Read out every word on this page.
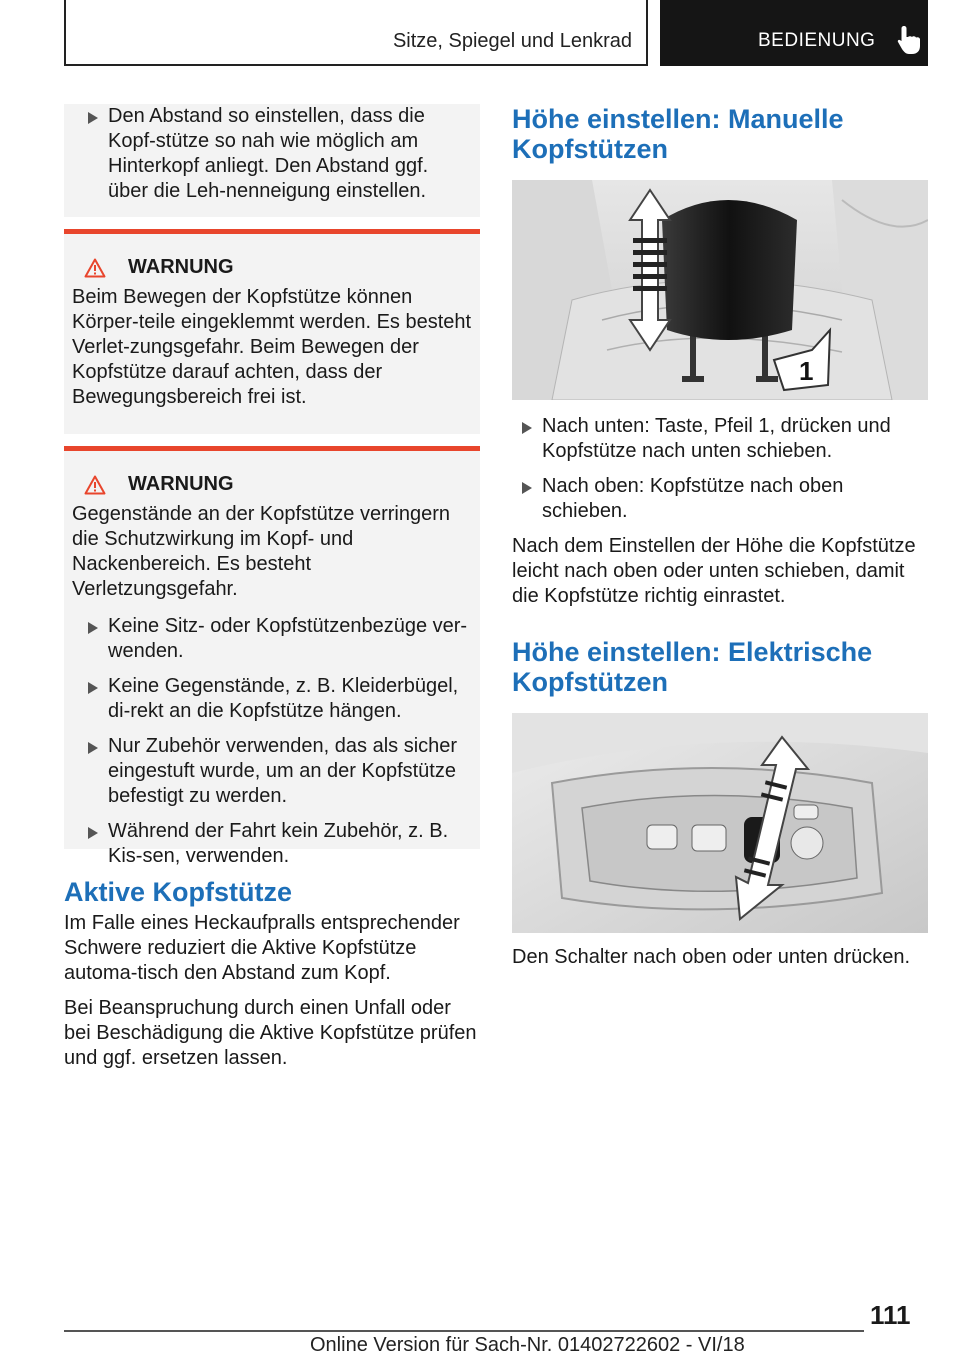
Sitze, Spiegel und Lenkrad	BEDIENUNG
Den Abstand so einstellen, dass die Kopf-stütze so nah wie möglich am Hinterkopf anliegt. Den Abstand ggf. über die Leh-nenneigung einstellen.
WARNUNG
Beim Bewegen der Kopfstütze können Körper-teile eingeklemmt werden. Es besteht Verlet-zungsgefahr. Beim Bewegen der Kopfstütze darauf achten, dass der Bewegungsbereich frei ist.
WARNUNG
Gegenstände an der Kopfstütze verringern die Schutzwirkung im Kopf- und Nackenbereich. Es besteht Verletzungsgefahr.
Keine Sitz- oder Kopfstützenbezüge ver-wenden.
Keine Gegenstände, z. B. Kleiderbügel, di-rekt an die Kopfstütze hängen.
Nur Zubehör verwenden, das als sicher eingestuft wurde, um an der Kopfstütze befestigt zu werden.
Während der Fahrt kein Zubehör, z. B. Kis-sen, verwenden.
Aktive Kopfstütze

Im Falle eines Heckaufpralls entsprechender Schwere reduziert die Aktive Kopfstütze automa-tisch den Abstand zum Kopf.

Bei Beanspruchung durch einen Unfall oder bei Beschädigung die Aktive Kopfstütze prüfen und ggf. ersetzen lassen.

Höhe einstellen: Manuelle Kopfstützen
1
Nach unten: Taste, Pfeil 1, drücken und Kopfstütze nach unten schieben.
Nach oben: Kopfstütze nach oben schieben.

Nach dem Einstellen der Höhe die Kopfstütze leicht nach oben oder unten schieben, damit die Kopfstütze richtig einrastet.

Höhe einstellen: Elektrische Kopfstützen

Den Schalter nach oben oder unten drücken.

111
Online Version für Sach-Nr. 01402722602 - VI/18
